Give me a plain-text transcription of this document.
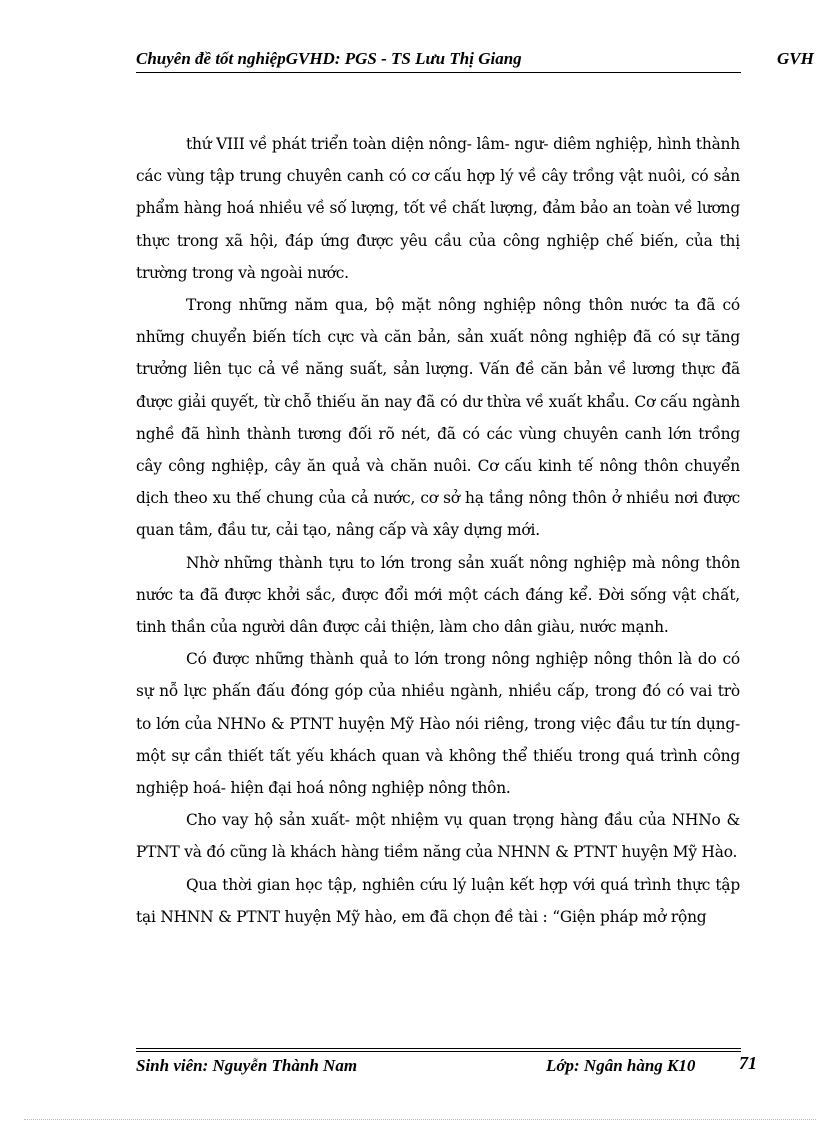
Chuyên đề tốt nghiệpGVHD: PGS - TS Lưu Thị Giang	GVH

thứ VIII về phát triển toàn diện nông- lâm- ngư- diêm nghiệp, hình thành các vùng tập trung chuyên canh có cơ cấu hợp lý về cây trồng vật nuôi, có sản phẩm hàng hoá nhiều về số lượng, tốt về chất lượng, đảm bảo an toàn về lương thực trong xã hội, đáp ứng được yêu cầu của công nghiệp chế biến, của thị trường trong và ngoài nước.

Trong những năm qua, bộ mặt nông nghiệp nông thôn nước ta đã có những chuyển biến tích cực và căn bản, sản xuất nông nghiệp đã có sự tăng trưởng liên tục cả về năng suất, sản lượng. Vấn đề căn bản về lương thực đã được giải quyết, từ chỗ thiếu ăn nay đã có dư thừa về xuất khẩu. Cơ cấu ngành nghề đã hình thành tương đối rõ nét, đã có các vùng chuyên canh lớn trồng cây công nghiệp, cây ăn quả và chăn nuôi. Cơ cấu kinh tế nông thôn chuyển dịch theo xu thế chung của cả nước, cơ sở hạ tầng nông thôn ở nhiều nơi được quan tâm, đầu tư, cải tạo, nâng cấp và xây dựng mới.

Nhờ những thành tựu to lớn trong sản xuất nông nghiệp mà nông thôn nước ta đã được khởi sắc, được đổi mới một cách đáng kể. Đời sống vật chất, tinh thần của người dân được cải thiện, làm cho dân giàu, nước mạnh.

Có được những thành quả to lớn trong nông nghiệp nông thôn là do có sự nỗ lực phấn đấu đóng góp của nhiều ngành, nhiều cấp, trong đó có vai trò to lớn của NHNo & PTNT huyện Mỹ Hào nói riêng, trong việc đầu tư tín dụng- một sự cần thiết tất yếu khách quan và không thể thiếu trong quá trình công nghiệp hoá- hiện đại hoá nông nghiệp nông thôn.

Cho vay hộ sản xuất- một nhiệm vụ quan trọng hàng đầu của NHNo & PTNT và đó cũng là khách hàng tiềm năng của NHNN & PTNT huyện Mỹ Hào.

Qua thời gian học tập, nghiên cứu lý luận kết hợp với quá trình thực tập tại NHNN & PTNT huyện Mỹ hào, em đã chọn đề tài : “Giện pháp mở rộng

Sinh viên: Nguyễn Thành Nam	Lớp: Ngân hàng K10 71
